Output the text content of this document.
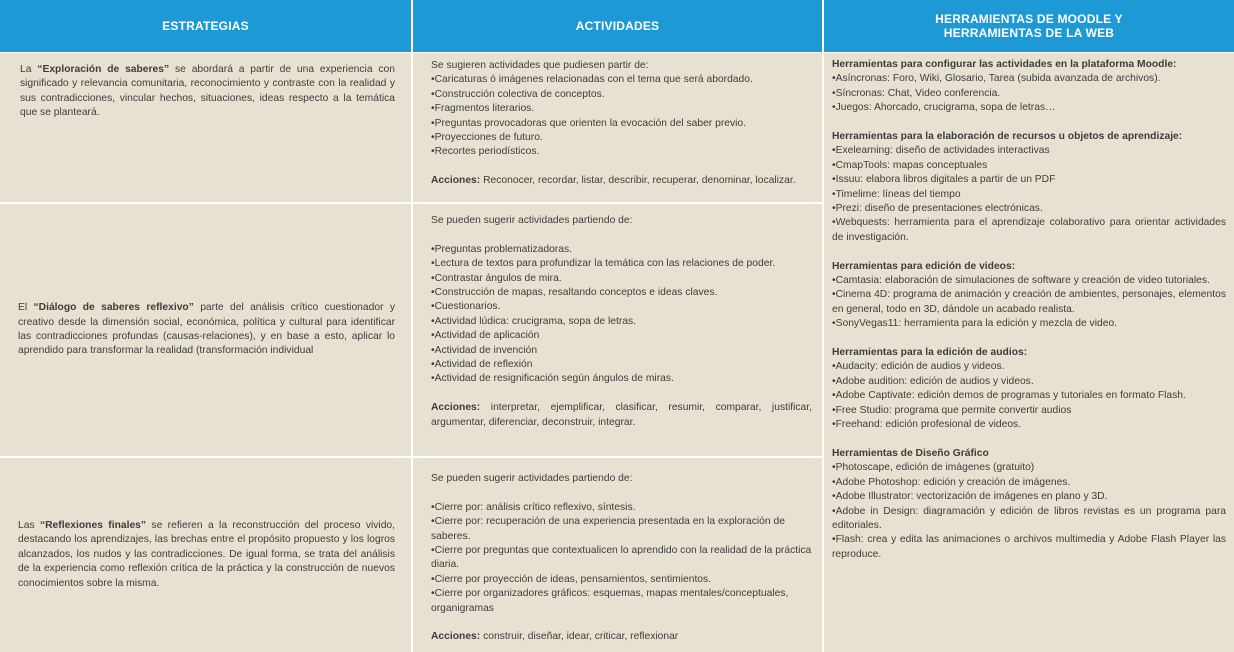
ESTRATEGIAS	ACTIVIDADES	HERRAMIENTAS DE MOODLE Y
HERRAMIENTAS DE LA WEB

La “Exploración de saberes” se abordará a partir de una experiencia con significado y relevancia comunitaria, reconocimiento y contraste con la realidad y sus contradicciones, vincular hechos, situaciones, ideas respecto a la temática que se planteará.

El “Diálogo de saberes reflexivo” parte del análisis crítico cuestionador y creativo desde la dimensión social, económica, política y cultural para identificar las contradicciones profundas (causas-relaciones), y en base a esto, aplicar lo aprendido para transformar la realidad (transformación individual

Las “Reflexiones finales” se refieren a la reconstrucción del proceso vivido, destacando los aprendizajes, las brechas entre el propósito propuesto y los logros alcanzados, los nudos y las contradicciones. De igual forma, se trata del análisis de la experiencia como reflexión crítica de la práctica y la construcción de nuevos conocimientos sobre la misma.

Se sugieren actividades que pudiesen partir de:

•Caricaturas ó imágenes relacionadas con el tema que será abordado.

•Construcción colectiva de conceptos.

•Fragmentos literarios.

•Preguntas provocadoras que orienten la evocación del saber previo.

•Proyecciones de futuro.

•Recortes periodísticos.

Acciones: Reconocer, recordar, listar, describir, recuperar, denominar, localizar.

Se pueden sugerir actividades partiendo de:

•Preguntas problematizadoras.

•Lectura de textos para profundizar la temática con las relaciones de poder.

•Contrastar ángulos de mira.

•Construcción de mapas, resaltando conceptos e ideas claves.

•Cuestionarios.

•Actividad lúdica: crucigrama, sopa de letras.

•Actividad de aplicación

•Actividad de invención

•Actividad de reflexión

•Actividad de resignificación según ángulos de miras.

Acciones: interpretar, ejemplificar, clasificar, resumir, comparar, justificar, argumentar, diferenciar, deconstruir, integrar.

Se pueden sugerir actividades partiendo de:

•Cierre por: análisis crítico reflexivo, síntesis.

•Cierre por: recuperación de una experiencia presentada en la exploración de saberes.

•Cierre por preguntas que contextualicen lo aprendido con la realidad de la práctica diaria.

•Cierre por proyección de ideas, pensamientos, sentimientos.

•Cierre por organizadores gráficos: esquemas, mapas mentales/conceptuales, organigramas

Acciones: construir, diseñar, idear, criticar, reflexionar

Herramientas para configurar las actividades en la plataforma Moodle:

•Asíncronas: Foro, Wiki, Glosario, Tarea (subida avanzada de archivos).

•Síncronas: Chat, Video conferencia.

•Juegos: Ahorcado, crucigrama, sopa de letras…

Herramientas para la elaboración de recursos u objetos de aprendizaje:

•Exelearning: diseño de actividades interactivas

•CmapTools: mapas conceptuales

•Issuu: elabora libros digitales a partir de un PDF

•Timelime: líneas del tiempo

•Prezi: diseño de presentaciones electrónicas.

•Webquests: herramienta para el aprendizaje colaborativo para orientar actividades de investigación.

Herramientas para edición de videos:

•Camtasia: elaboración de simulaciones de software y creación de video tutoriales.

•Cinema 4D: programa de animación y creación de ambientes, personajes, elementos en general, todo en 3D, dándole un acabado realista.

•SonyVegas11: herramienta para la edición y mezcla de video.

Herramientas para la edición de audios:

•Audacity: edición de audios y videos.

•Adobe audition: edición de audios y videos.

•Adobe Captivate: edición demos de programas y tutoriales en formato Flash.

•Free Studio: programa que permite convertir audios

•Freehand: edición profesional de videos.

Herramientas de Diseño Gráfico

•Photoscape, edición de imágenes (gratuito)

•Adobe Photoshop: edición y creación de imágenes.

•Adobe Illustrator: vectorización de imágenes en plano y 3D.

•Adobe in Design: diagramación y edición de libros revistas es un programa para editoriales.

•Flash: crea y edita las animaciones o archivos multimedia y Adobe Flash Player las reproduce.
